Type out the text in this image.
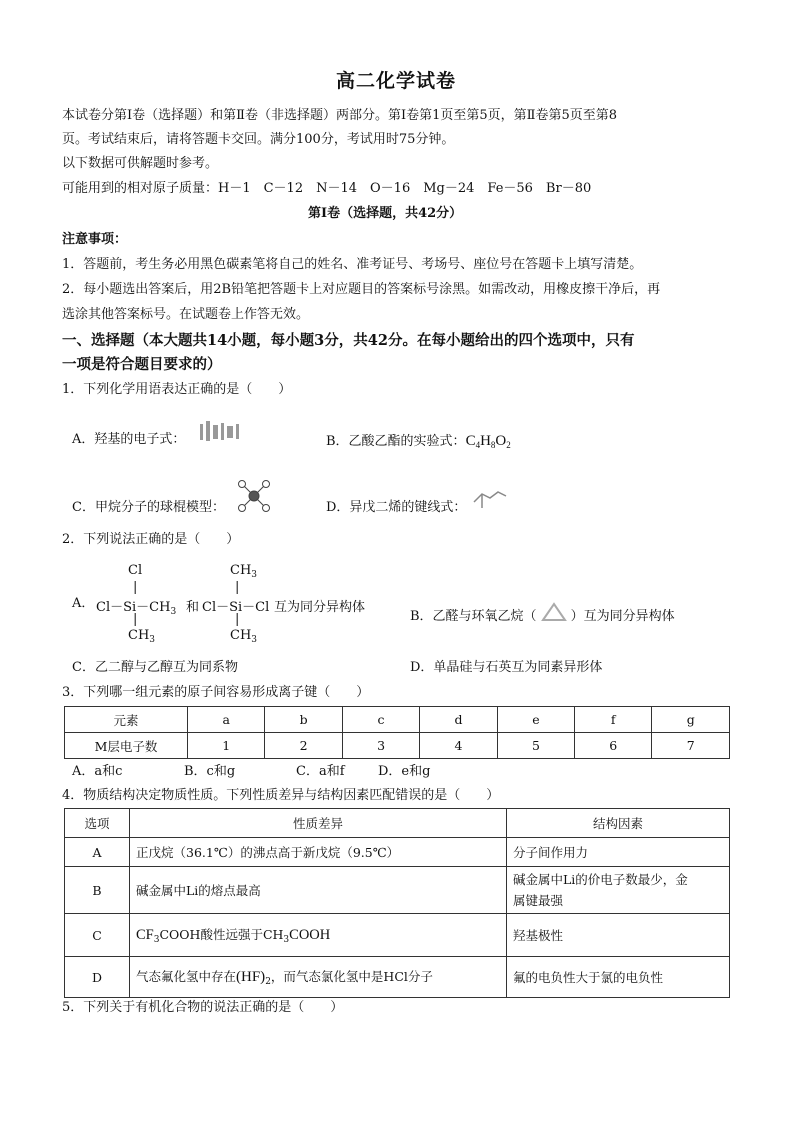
高二化学试卷
本试卷分第Ⅰ卷（选择题）和第Ⅱ卷（非选择题）两部分。第Ⅰ卷第1页至第5页，第Ⅱ卷第5页至第8
页。考试结束后，请将答题卡交回。满分100分，考试用时75分钟。
以下数据可供解题时参考。
可能用到的相对原子质量：H－1　C－12　N－14　O－16　Mg－24　Fe－56　Br－80
第Ⅰ卷（选择题，共42分）
注意事项：
1．答题前，考生务必用黑色碳素笔将自己的姓名、准考证号、考场号、座位号在答题卡上填写清楚。
2．每小题选出答案后，用2B铅笔把答题卡上对应题目的答案标号涂黑。如需改动，用橡皮擦干净后，再
选涂其他答案标号。在试题卷上作答无效。
一、选择题（本大题共14小题，每小题3分，共42分。在每小题给出的四个选项中，只有
一项是符合题目要求的）
1．下列化学用语表达正确的是（　　）
A．羟基的电子式：	B．乙酸乙酯的实验式：$C_4H_8O_2$
C．甲烷分子的球棍模型：	D．异戊二烯的键线式：
2．下列说法正确的是（　　）
A．
Cl
|
$Cl-Si-CH_3$
|
$CH_3$
和
$CH_3$
|
Cl－Si－Cl
|
$CH_3$
互为同分异构体
B．乙醛与环氧乙烷（	）互为同分异构体
C．乙二醇与乙醇互为同系物	D．单晶硅与石英互为同素异形体
3．下列哪一组元素的原子间容易形成离子键（　　）
元素	a	b	c	d	e	f	g
M层电子数	1	2	3	4	5	6	7
A．a和c	B．c和g	C．a和f	D．e和g
4．物质结构决定物质性质。下列性质差异与结构因素匹配错误的是（　　）
选项	性质差异	结构因素
A	正戊烷（36.1℃）的沸点高于新戊烷（9.5℃）	分子间作用力
B	碱金属中Li的熔点最高	碱金属中Li的价电子数最少，金
属键最强

C	$CF_3COOH$酸性远强于$CH_3COOH$	羟基极性
D	气态氟化氢中存在$(HF)_2$，而气态氯化氢中是HCl分子	氟的电负性大于氯的电负性
5．下列关于有机化合物的说法正确的是（　　）
